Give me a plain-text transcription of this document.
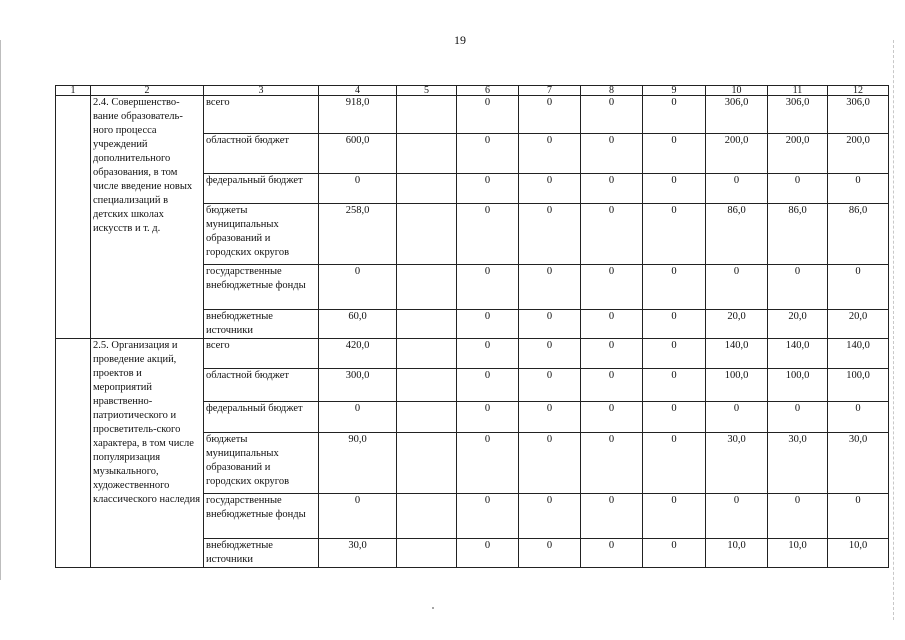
19
1	2	3	4	5	6	7	8	9	10	11	12
	2.4. Совершенство-вание образователь-ного процесса учреждений дополнительного образования, в том числе введение новых специализаций в детских школах искусств и т. д.	всего	918,0		0	0	0	0	306,0	306,0	306,0
		областной бюджет	600,0		0	0	0	0	200,0	200,0	200,0
		федеральный бюджет	0		0	0	0	0	0	0	0
		бюджеты муниципальных образований и городских округов	258,0		0	0	0	0	86,0	86,0	86,0
		государственные внебюджетные фонды	0		0	0	0	0	0	0	0
		внебюджетные источники	60,0		0	0	0	0	20,0	20,0	20,0
	2.5. Организация и проведение акций, проектов и мероприятий нравственно-патриотического и просветитель-ского характера, в том числе популяризация музыкального, художественного классического наследия	всего	420,0		0	0	0	0	140,0	140,0	140,0
		областной бюджет	300,0		0	0	0	0	100,0	100,0	100,0
		федеральный бюджет	0		0	0	0	0	0	0	0
		бюджеты муниципальных образований и городских округов	90,0		0	0	0	0	30,0	30,0	30,0
		государственные внебюджетные фонды	0		0	0	0	0	0	0	0
		внебюджетные источники	30,0		0	0	0	0	10,0	10,0	10,0
